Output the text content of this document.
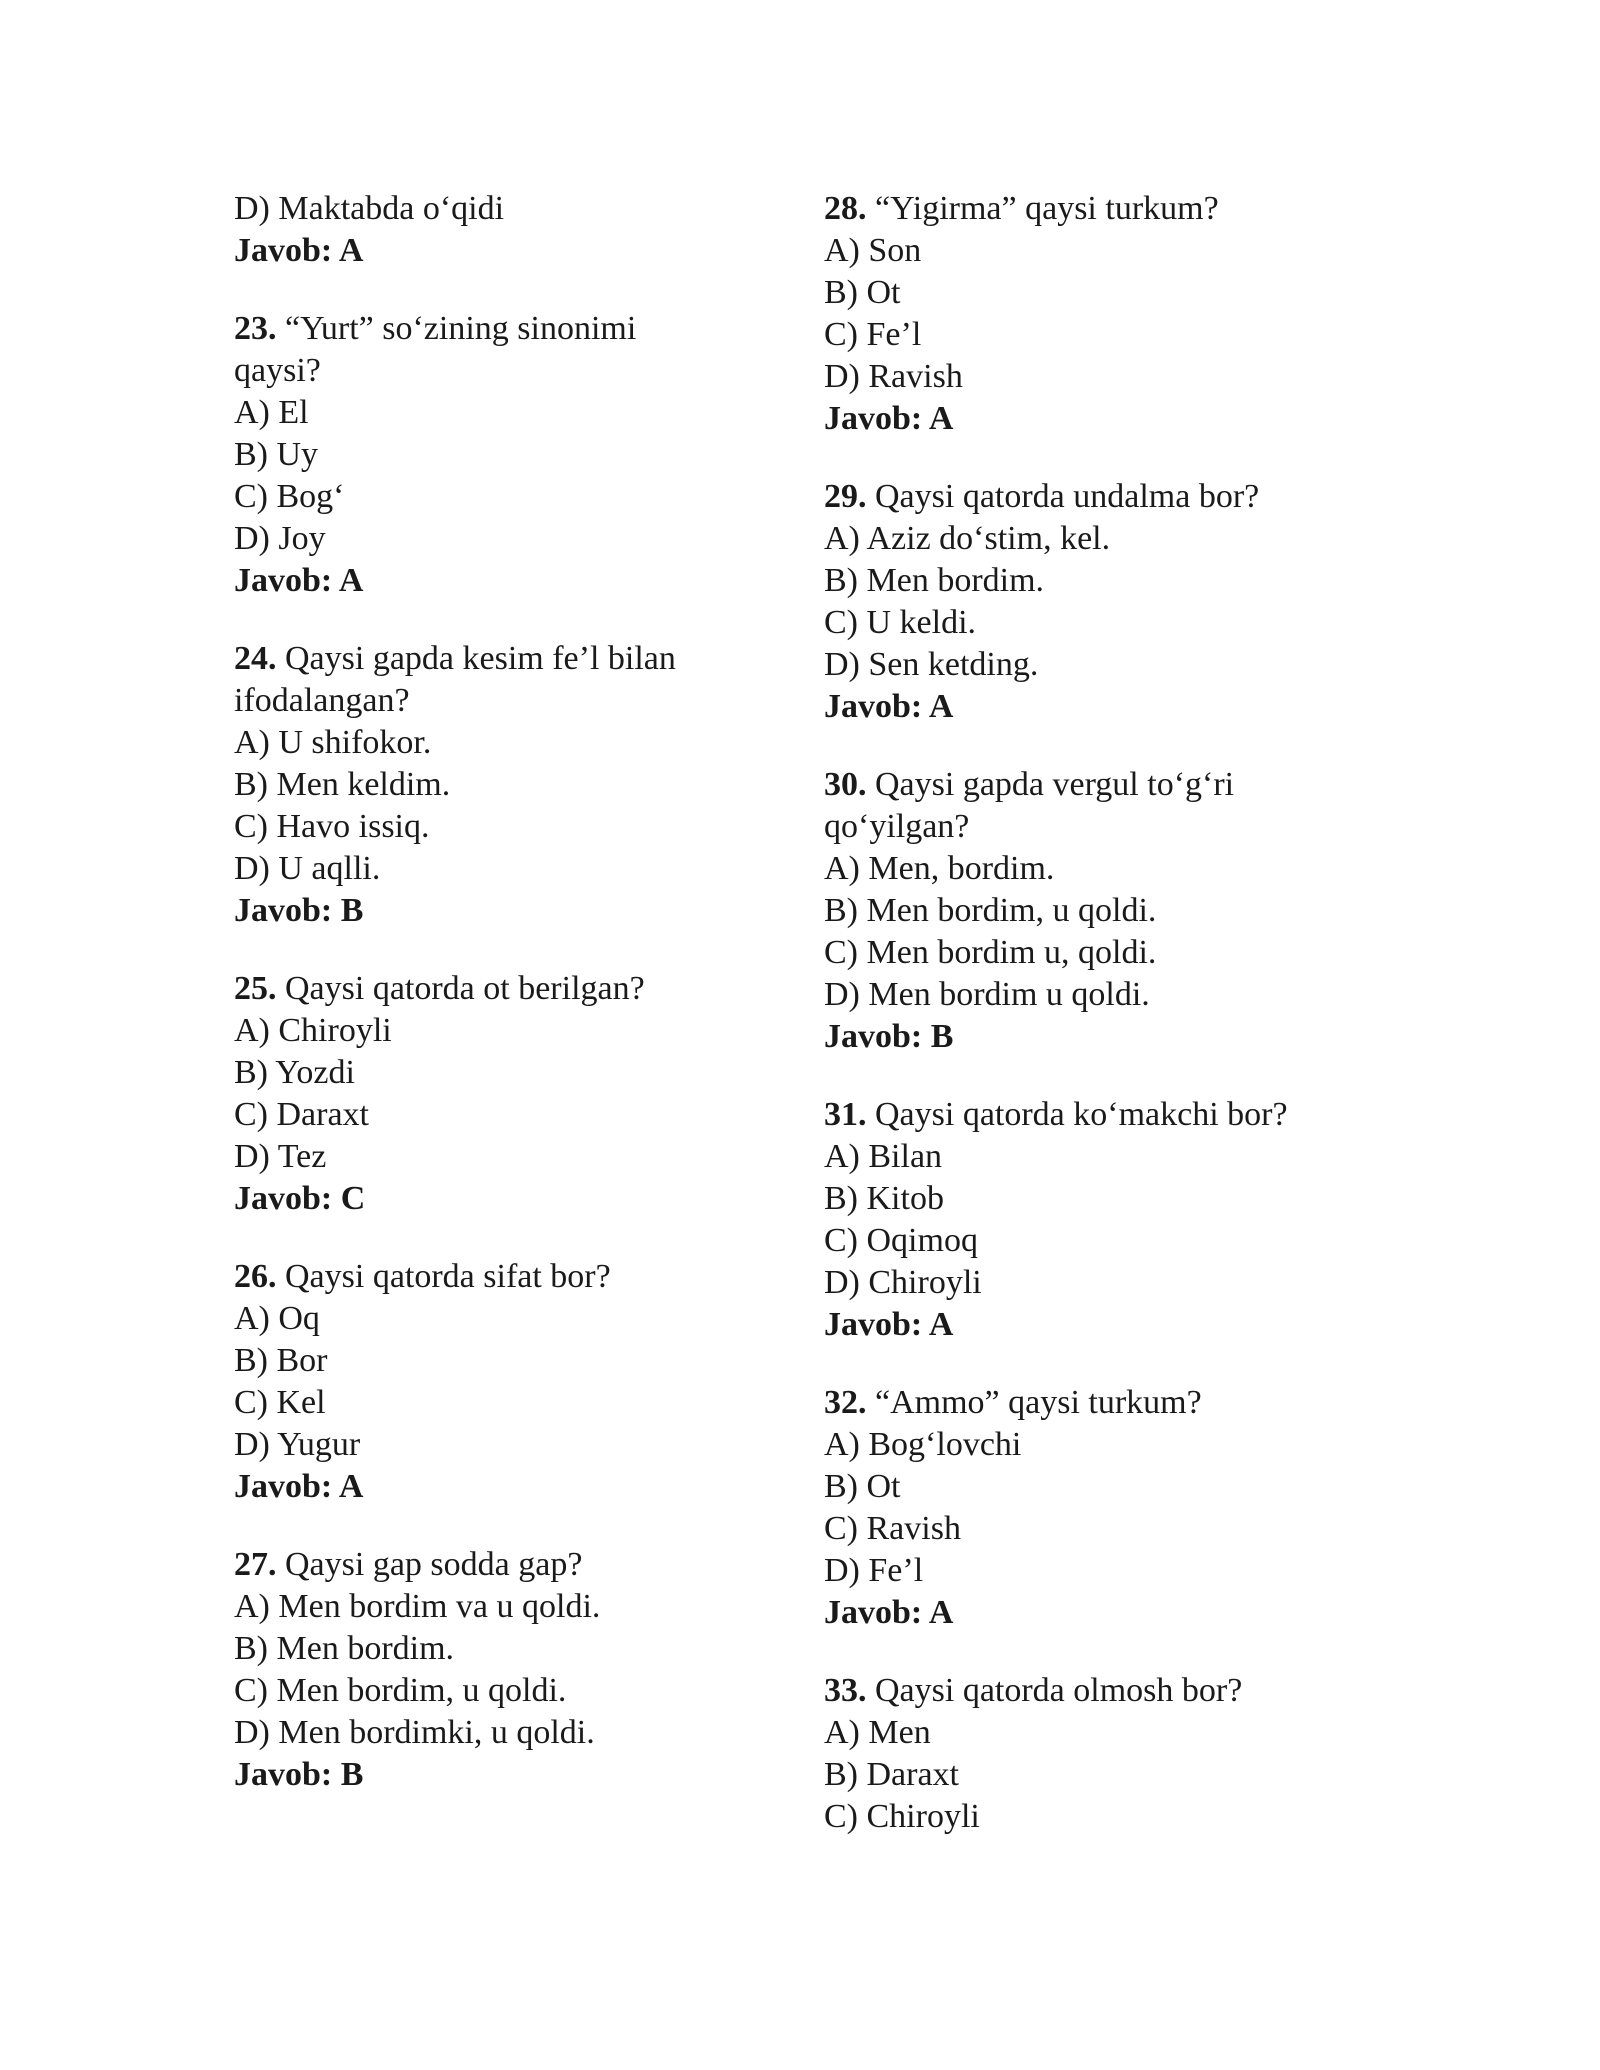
D) Maktabda o‘qidi
Javob: A
23. “Yurt” so‘zining sinonimi
qaysi?
A) El
B) Uy
C) Bog‘
D) Joy
Javob: A
24. Qaysi gapda kesim fe’l bilan
ifodalangan?
A) U shifokor.
B) Men keldim.
C) Havo issiq.
D) U aqlli.
Javob: B
25. Qaysi qatorda ot berilgan?
A) Chiroyli
B) Yozdi
C) Daraxt
D) Tez
Javob: C
26. Qaysi qatorda sifat bor?
A) Oq
B) Bor
C) Kel
D) Yugur
Javob: A
27. Qaysi gap sodda gap?
A) Men bordim va u qoldi.
B) Men bordim.
C) Men bordim, u qoldi.
D) Men bordimki, u qoldi.
Javob: B
28. “Yigirma” qaysi turkum?
A) Son
B) Ot
C) Fe’l
D) Ravish
Javob: A
29. Qaysi qatorda undalma bor?
A) Aziz do‘stim, kel.
B) Men bordim.
C) U keldi.
D) Sen ketding.
Javob: A
30. Qaysi gapda vergul to‘g‘ri
qo‘yilgan?
A) Men, bordim.
B) Men bordim, u qoldi.
C) Men bordim u, qoldi.
D) Men bordim u qoldi.
Javob: B
31. Qaysi qatorda ko‘makchi bor?
A) Bilan
B) Kitob
C) Oqimoq
D) Chiroyli
Javob: A
32. “Ammo” qaysi turkum?
A) Bog‘lovchi
B) Ot
C) Ravish
D) Fe’l
Javob: A
33. Qaysi qatorda olmosh bor?
A) Men
B) Daraxt
C) Chiroyli
